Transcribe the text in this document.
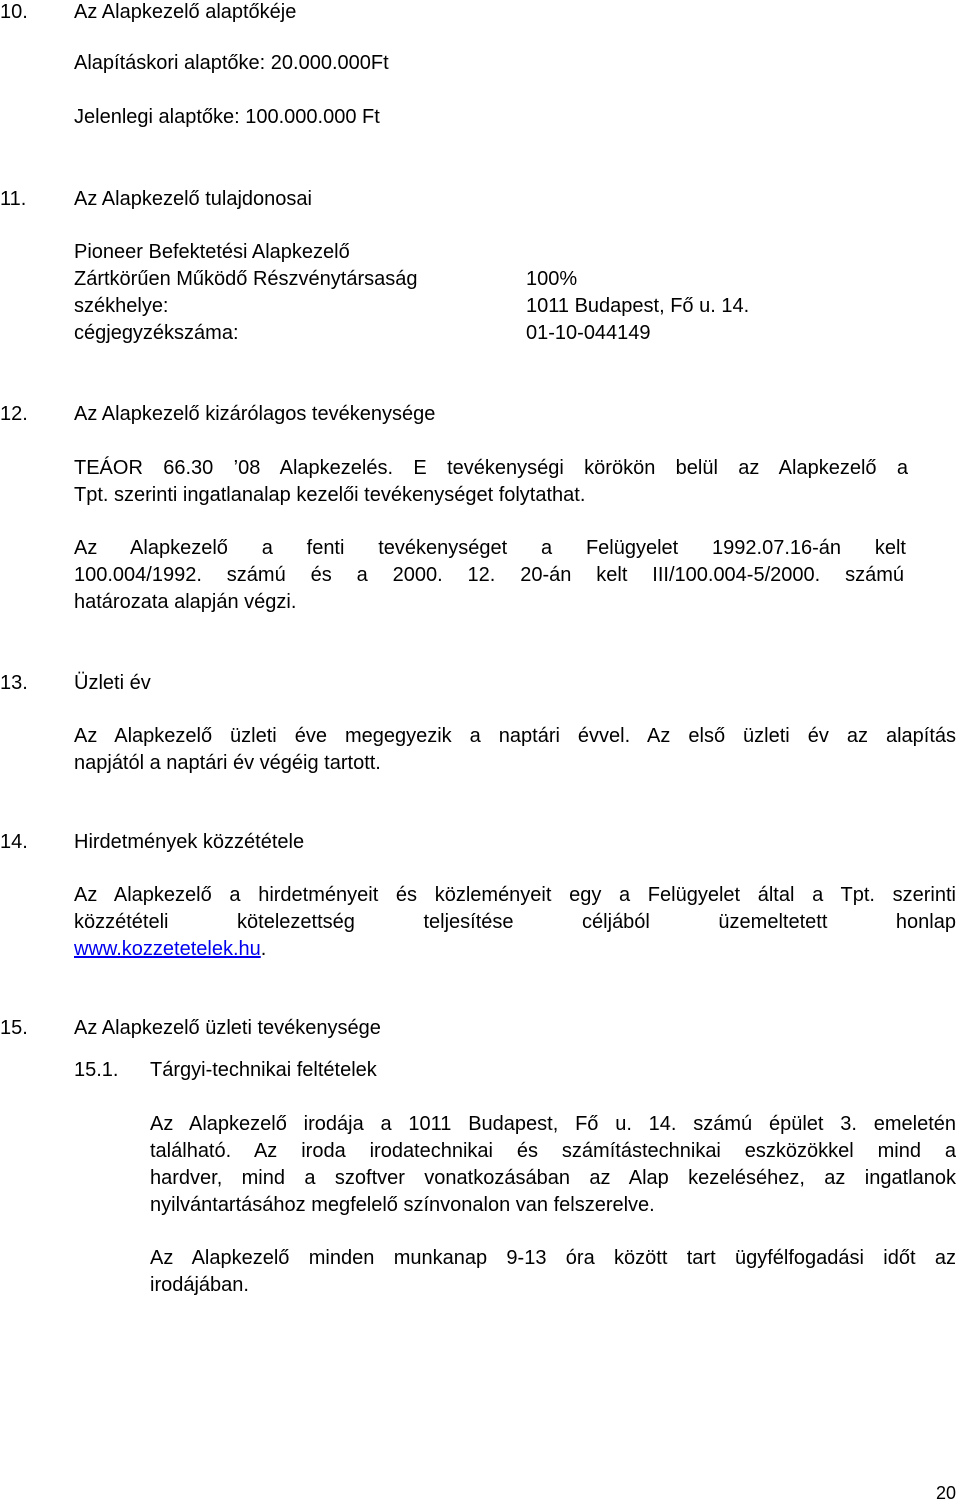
10. Az Alapkezelő alaptőkéje
Alapításkori alaptőke: 20.000.000Ft
Jelenlegi alaptőke: 100.000.000 Ft
11. Az Alapkezelő tulajdonosai
Pioneer Befektetési Alapkezelő
Zártkörűen Működő Részvénytársaság	100%
székhelye:	1011 Budapest, Fő u. 14.
cégjegyzékszáma:	01-10-044149
12. Az Alapkezelő kizárólagos tevékenysége
TEÁOR 66.30 ’08 Alapkezelés. E tevékenységi körökön belül az Alapkezelő a
Tpt. szerinti ingatlanalap kezelői tevékenységet folytathat.
Az Alapkezelő a fenti tevékenységet a Felügyelet 1992.07.16-án kelt
100.004/1992. számú és a 2000. 12. 20-án kelt III/100.004-5/2000. számú
határozata alapján végzi.
13. Üzleti év
Az Alapkezelő üzleti éve megegyezik a naptári évvel. Az első üzleti év az alapítás
napjától a naptári év végéig tartott.
14. Hirdetmények közzététele
Az Alapkezelő a hirdetményeit és közleményeit egy a Felügyelet által a Tpt. szerinti
közzétételi kötelezettség teljesítése céljából üzemeltetett honlap
www.kozzetetelek.hu.
15. Az Alapkezelő üzleti tevékenysége
15.1. Tárgyi-technikai feltételek
Az Alapkezelő irodája a 1011 Budapest, Fő u. 14. számú épület 3. emeletén
található. Az iroda irodatechnikai és számítástechnikai eszközökkel mind a
hardver, mind a szoftver vonatkozásában az Alap kezeléséhez, az ingatlanok
nyilvántartásához megfelelő színvonalon van felszerelve.
Az Alapkezelő minden munkanap 9-13 óra között tart ügyfélfogadási időt az
irodájában.
20
